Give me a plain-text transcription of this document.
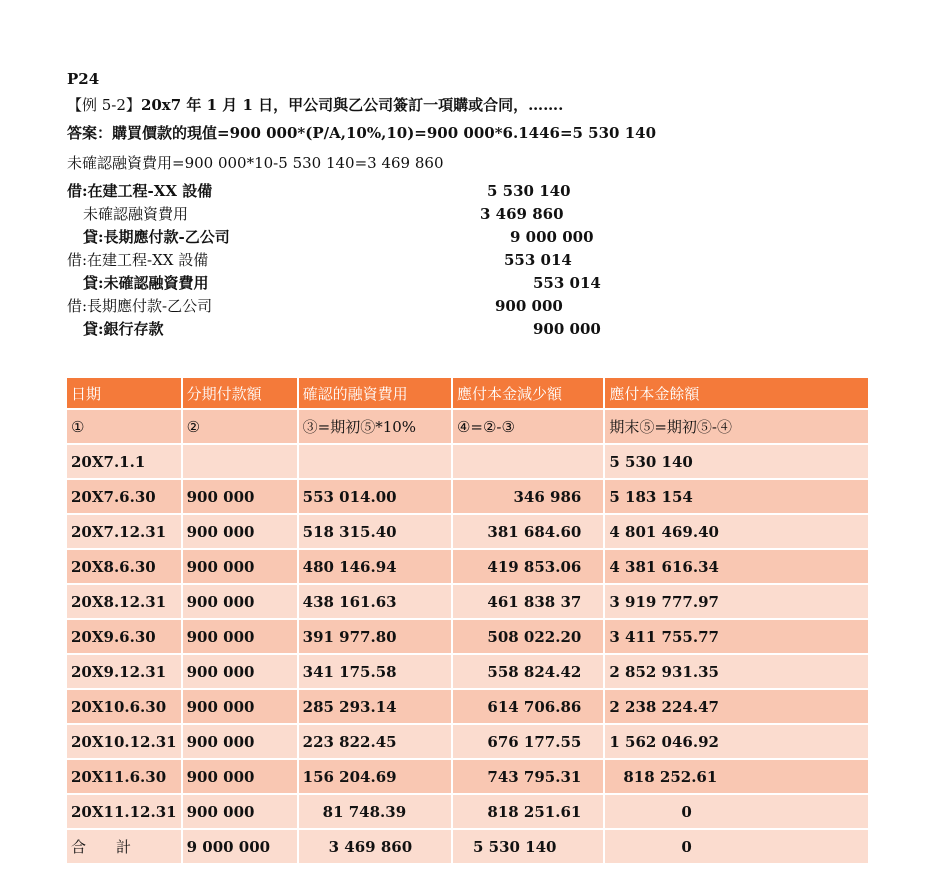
P24
【例 5-2】20x7 年 1 月 1 日，甲公司與乙公司簽訂一項購或合同，…….
答案：購買價款的現值=900 000*(P/A,10%,10)=900 000*6.1446=5 530 140
未確認融資費用=900 000*10-5 530 140=3 469 860
借:在建工程-XX 設備	5 530 140
未確認融資費用	3 469 860
貸:長期應付款-乙公司	9 000 000
借:在建工程-XX 設備	553 014
貸:未確認融資費用	553 014
借:長期應付款-乙公司	900 000
貸:銀行存款	900 000
日期	分期付款額	確認的融資費用	應付本金減少額	應付本金餘額
①	②	③=期初⑤*10%	④=②-③	期末⑤=期初⑤-④
20X7.1.1				5 530 140
20X7.6.30	900 000	553 014.00	346 986	5 183 154
20X7.12.31	900 000	518 315.40	381 684.60	4 801 469.40
20X8.6.30	900 000	480 146.94	419 853.06	4 381 616.34
20X8.12.31	900 000	438 161.63	461 838 37	3 919 777.97
20X9.6.30	900 000	391 977.80	508 022.20	3 411 755.77
20X9.12.31	900 000	341 175.58	558 824.42	2 852 931.35
20X10.6.30	900 000	285 293.14	614 706.86	2 238 224.47
20X10.12.31	900 000	223 822.45	676 177.55	1 562 046.92
20X11.6.30	900 000	156 204.69	743 795.31	818 252.61
20X11.12.31	900 000	81 748.39	818 251.61	0
合　　計	9 000 000	3 469 860	5 530 140	0
